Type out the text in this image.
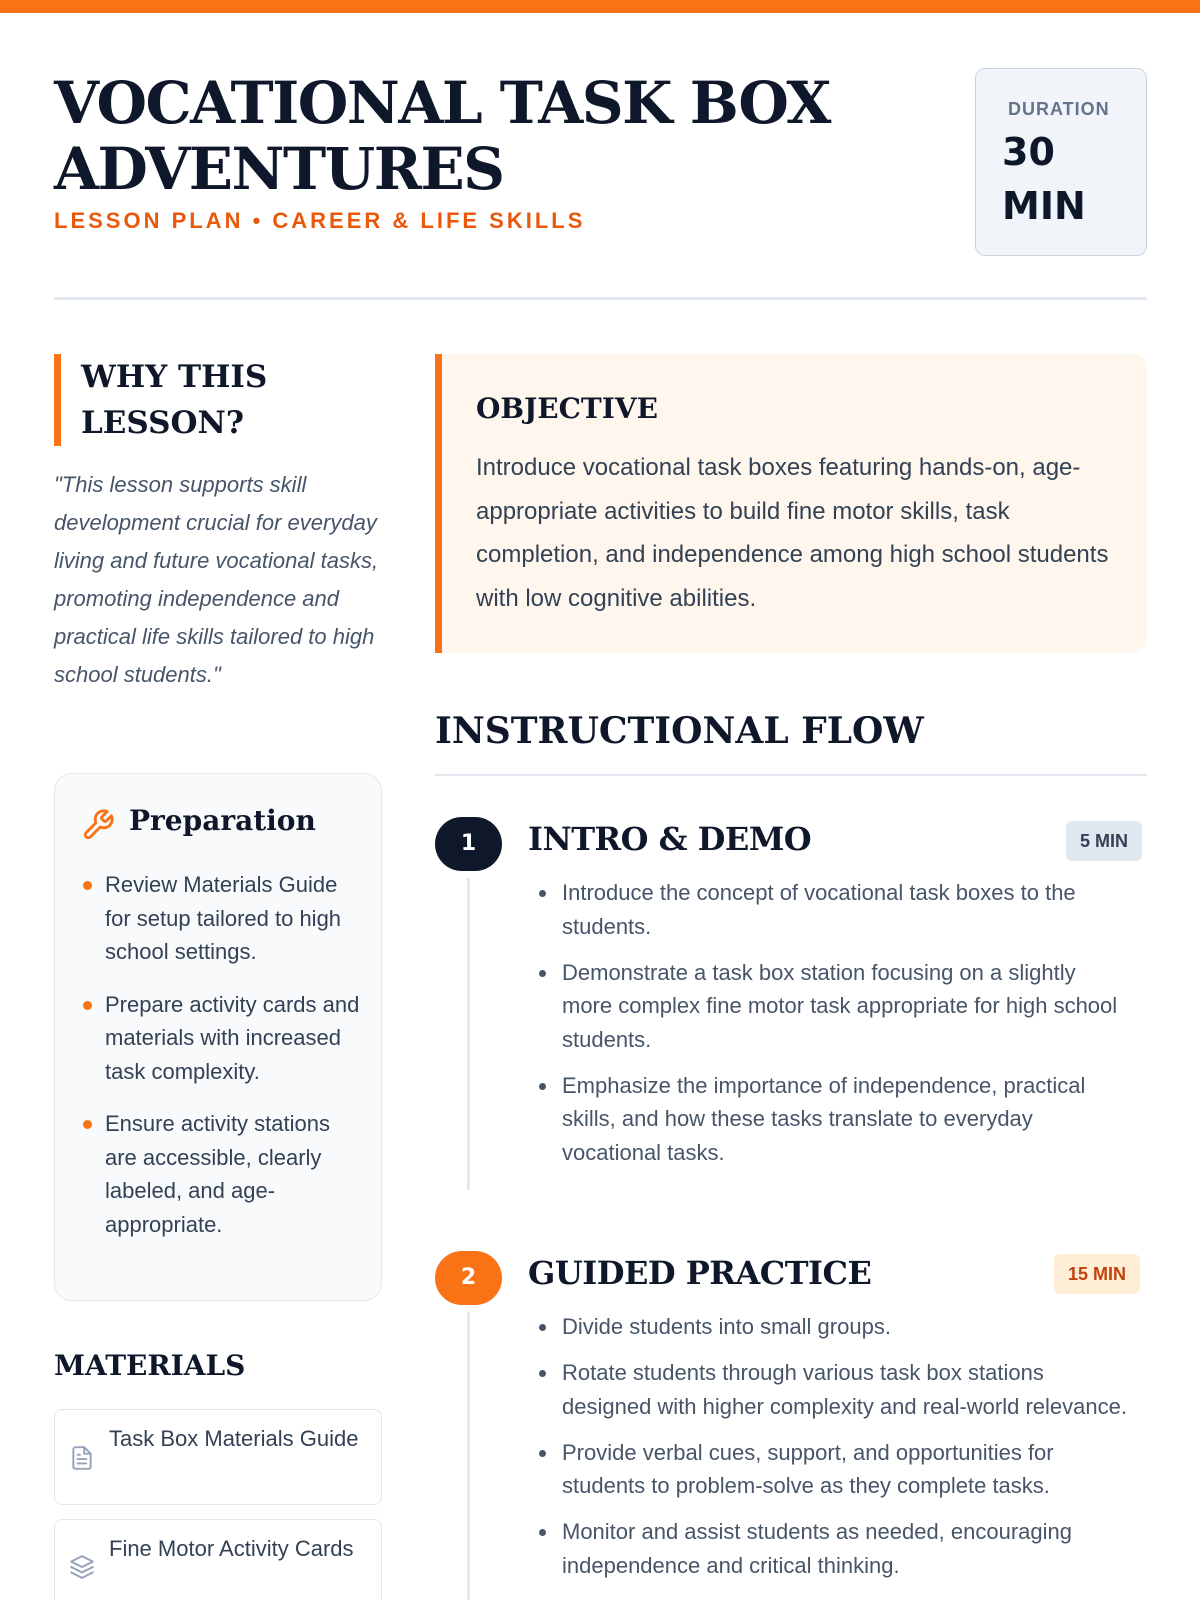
VOCATIONAL TASK BOX
ADVENTURES
LESSON PLAN • CAREER & LIFE SKILLS
DURATION
30 MIN
WHY THIS LESSON?
"This lesson supports skill development crucial for everyday living and future vocational tasks, promoting independence and practical life skills tailored to high school students."
Preparation
Review Materials Guide for setup tailored to high school settings.
Prepare activity cards and materials with increased task complexity.
Ensure activity stations are accessible, clearly labeled, and age-appropriate.
MATERIALS
Task Box Materials Guide
Fine Motor Activity Cards
OBJECTIVE
Introduce vocational task boxes featuring hands-on, age-appropriate activities to build fine motor skills, task completion, and independence among high school students with low cognitive abilities.
INSTRUCTIONAL FLOW
1	INTRO & DEMO	5 MIN
Introduce the concept of vocational task boxes to the students.
Demonstrate a task box station focusing on a slightly more complex fine motor task appropriate for high school students.
Emphasize the importance of independence, practical skills, and how these tasks translate to everyday vocational tasks.
2	GUIDED PRACTICE	15 MIN
Divide students into small groups.
Rotate students through various task box stations designed with higher complexity and real-world relevance.
Provide verbal cues, support, and opportunities for students to problem-solve as they complete tasks.
Monitor and assist students as needed, encouraging independence and critical thinking.
